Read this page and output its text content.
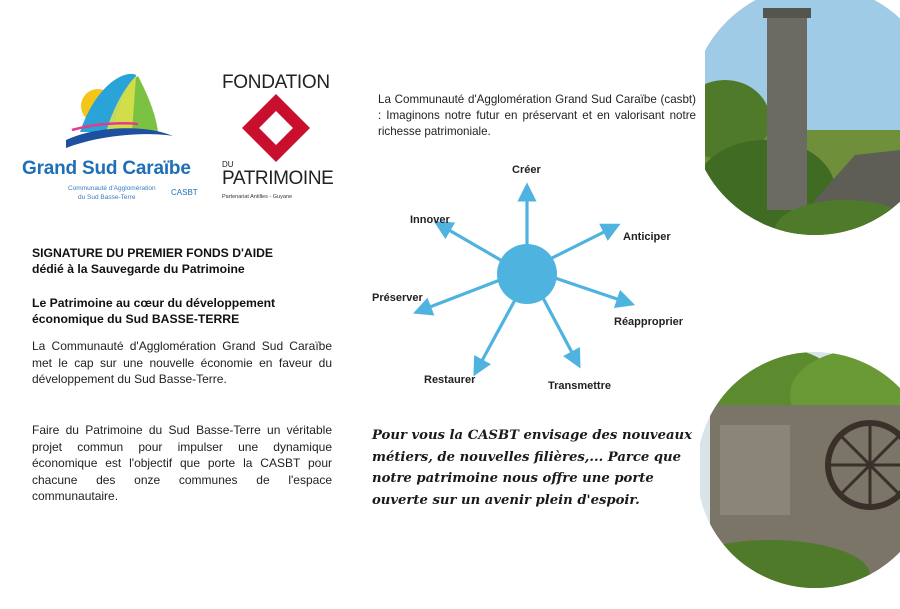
Grand Sud Caraïbe
Communauté d'Agglomération
du Sud Basse-Terre
CASBT
FONDATION
DU
PATRIMOINE
Partenariat Antilles - Guyane
SIGNATURE DU PREMIER FONDS D'AIDE
dédié à la Sauvegarde du Patrimoine
Le Patrimoine au cœur du développement
économique du Sud BASSE-TERRE
La Communauté d'Agglomération Grand Sud Caraïbe met le cap sur une nouvelle économie en faveur du développement du Sud Basse-Terre.
Faire du Patrimoine du Sud Basse-Terre un véritable projet commun pour impulser une dynamique économique est l'objectif que porte la CASBT pour chacune des onze communes de l'espace communautaire.
La Communauté d'Agglomération Grand Sud Caraïbe (casbt) : Imaginons notre futur en préservant et en valorisant notre richesse patrimoniale.
Créer
Anticiper
Réapproprier
Transmettre
Restaurer
Préserver
Innover
Pour vous la CASBT envisage des nouveaux métiers, de nouvelles filières,... Parce que notre patrimoine nous offre une porte ouverte sur un avenir plein d'espoir.
